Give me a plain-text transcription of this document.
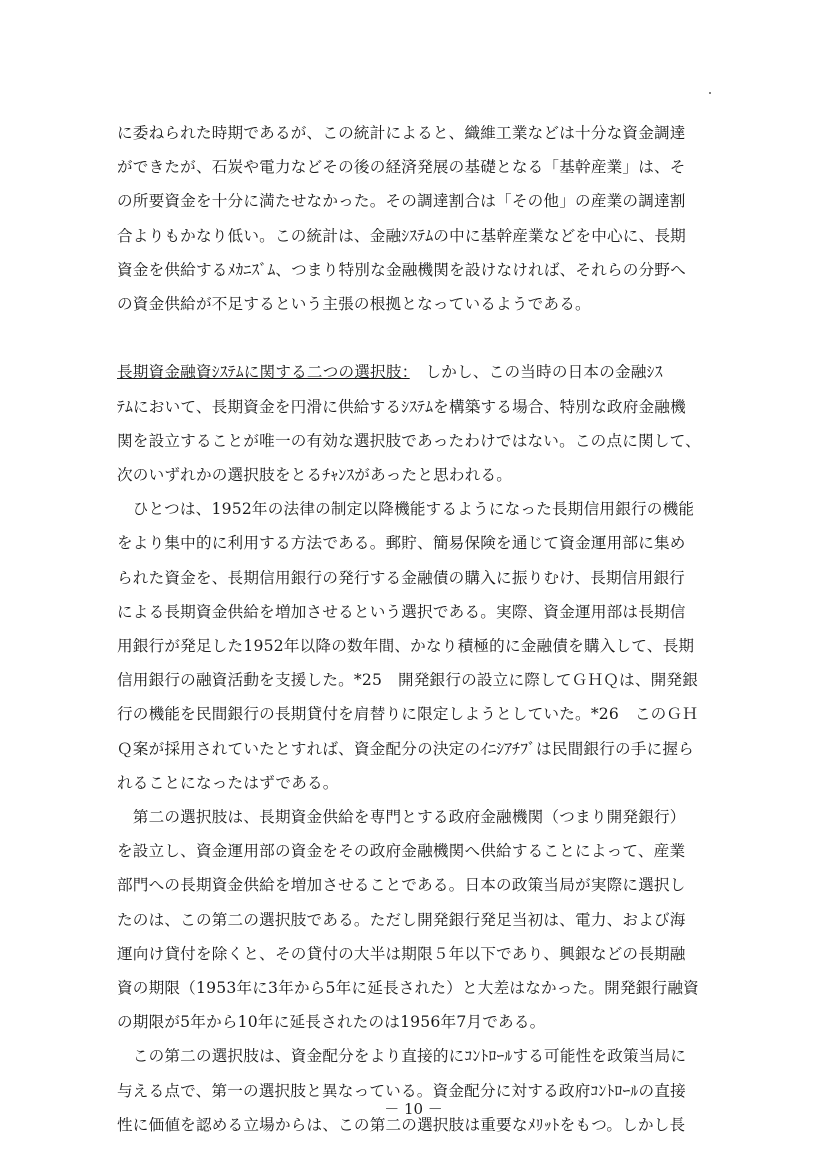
－ 10 －
に委ねられた時期であるが、この統計によると、織維工業などは十分な資金調達
ができたが、石炭や電力などその後の経済発展の基礎となる「基幹産業」は、そ
の所要資金を十分に満たせなかった。その調達割合は「その他」の産業の調達割
合よりもかなり低い。この統計は、金融ｼｽﾃﾑの中に基幹産業などを中心に、長期
資金を供給するﾒｶﾆｽﾞﾑ、つまり特別な金融機関を設けなければ、それらの分野へ
の資金供給が不足するという主張の根拠となっているようである。
長期資金融資ｼｽﾃﾑに関する二つの選択肢：　しかし、この当時の日本の金融ｼｽ
ﾃﾑにおいて、長期資金を円滑に供給するｼｽﾃﾑを構築する場合、特別な政府金融機
関を設立することが唯一の有効な選択肢であったわけではない。この点に関して、
次のいずれかの選択肢をとるﾁｬﾝｽがあったと思われる。
　ひとつは、1952年の法律の制定以降機能するようになった長期信用銀行の機能
をより集中的に利用する方法である。郵貯、簡易保険を通じて資金運用部に集め
られた資金を、長期信用銀行の発行する金融債の購入に振りむけ、長期信用銀行
による長期資金供給を増加させるという選択である。実際、資金運用部は長期信
用銀行が発足した1952年以降の数年間、かなり積極的に金融債を購入して、長期
信用銀行の融資活動を支援した。*25　開発銀行の設立に際してＧＨＱは、開発銀
行の機能を民間銀行の長期貸付を肩替りに限定しようとしていた。*26　このＧＨ
Ｑ案が採用されていたとすれば、資金配分の決定のｲﾆｼｱﾁﾌﾞは民間銀行の手に握ら
れることになったはずである。
　第二の選択肢は、長期資金供給を専門とする政府金融機関（つまり開発銀行）
を設立し、資金運用部の資金をその政府金融機関へ供給することによって、産業
部門への長期資金供給を増加させることである。日本の政策当局が実際に選択し
たのは、この第二の選択肢である。ただし開発銀行発足当初は、電力、および海
運向け貸付を除くと、その貸付の大半は期限５年以下であり、興銀などの長期融
資の期限（1953年に3年から5年に延長された）と大差はなかった。開発銀行融資
の期限が5年から10年に延長されたのは1956年7月である。
　この第二の選択肢は、資金配分をより直接的にｺﾝﾄﾛｰﾙする可能性を政策当局に
与える点で、第一の選択肢と異なっている。資金配分に対する政府ｺﾝﾄﾛｰﾙの直接
性に価値を認める立場からは、この第二の選択肢は重要なﾒﾘｯﾄをもつ。しかし長
